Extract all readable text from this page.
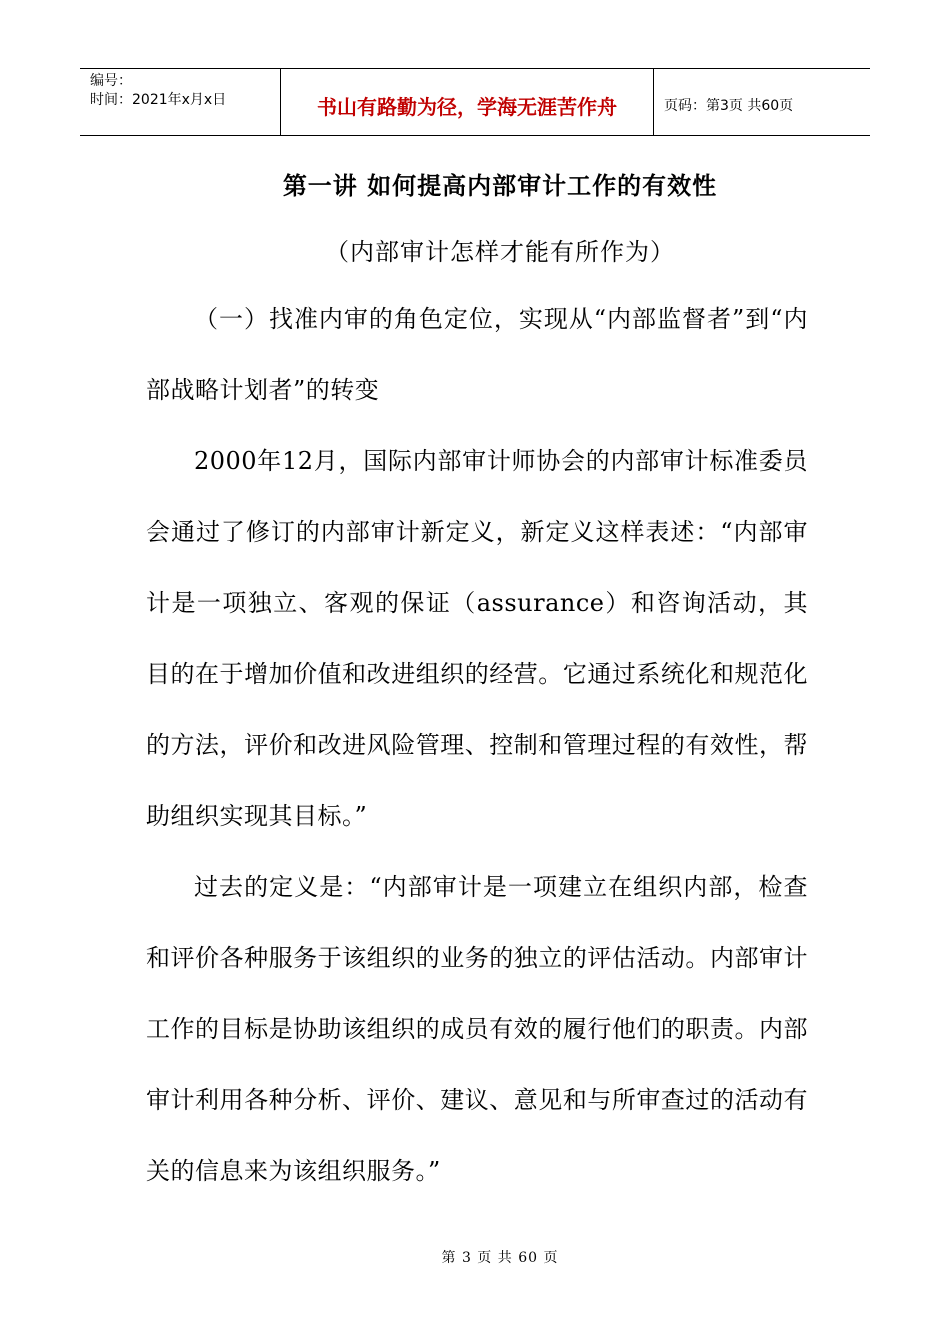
编号：
时间：2021年x月x日	书山有路勤为径，学海无涯苦作舟	页码：第3页 共60页
第一讲 如何提高内部审计工作的有效性
（内部审计怎样才能有所作为）

（一）找准内审的角色定位，实现从“内部监督者”到“内部战略计划者”的转变

2000年12月，国际内部审计师协会的内部审计标准委员会通过了修订的内部审计新定义，新定义这样表述：“内部审计是一项独立、客观的保证（assurance）和咨询活动，其目的在于增加价值和改进组织的经营。它通过系统化和规范化的方法，评价和改进风险管理、控制和管理过程的有效性，帮助组织实现其目标。”

过去的定义是：“内部审计是一项建立在组织内部，检查和评价各种服务于该组织的业务的独立的评估活动。内部审计工作的目标是协助该组织的成员有效的履行他们的职责。内部审计利用各种分析、评价、建议、意见和与所审查过的活动有关的信息来为该组织服务。”

第 3 页 共 60 页
